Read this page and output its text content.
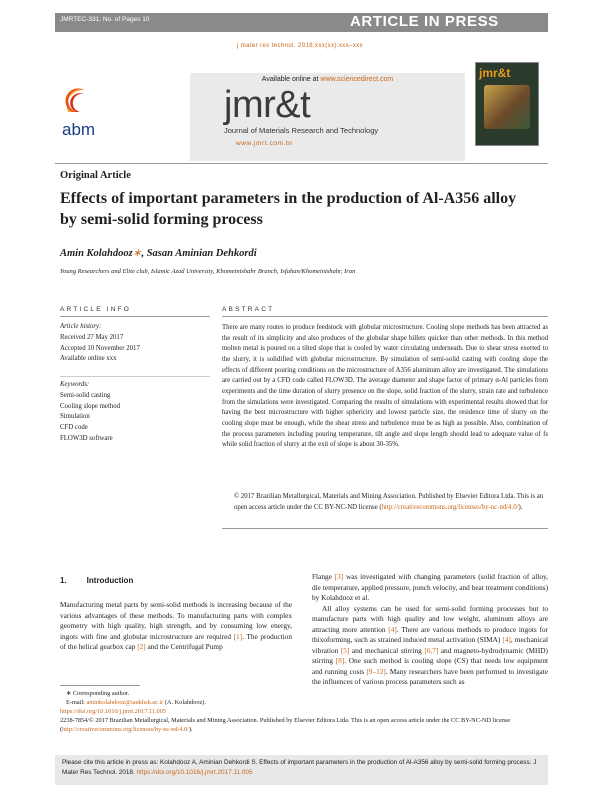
JMRTEC-331; No. of Pages 10	ARTICLE IN PRESS
j mater res technol. 2018;xxx(xx):xxx–xxx
Available online at www.sciencedirect.com
jmr&t
Journal of Materials Research and Technology
www.jmrt.com.br
jmr&t
abm
Original Article
Effects of important parameters in the production of Al-A356 alloy by semi-solid forming process
Amin Kolahdooz∗, Sasan Aminian Dehkordi
Young Researchers and Elite club, Islamic Azad University, Khomeinishahr Branch, Isfahan/Khomeinishahr, Iran
ARTICLE INFO
Article history:
Received 27 May 2017
Accepted 10 November 2017
Available online xxx
Keywords:
Semi-solid casting
Cooling slope method
Simulation
CFD code
FLOW3D software
ABSTRACT
There are many routes to produce feedstock with globular microstructure. Cooling slope methods has been attracted as the result of its simplicity and also produces of the globular shape billets quicker than other methods. In this method molten metal is poured on a tilted slope that is cooled by water circulating underneath. Due to shear stress exerted to the slurry, it is solidified with globular microstructure. By simulation of semi-solid casting with cooling slope the effects of different pouring conditions on the microstructure of A356 aluminum alloy are investigated. The simulations are carried out by a CFD code called FLOW3D. The average diameter and shape factor of primary α-Al particles from experiments and the time duration of slurry presence on the slope, solid fraction of the slurry, strain rate and turbulence from the simulations were investigated. Comparing the results of simulations with experimental results showed that for having the best microstructure with higher sphericity and lowest particle size, the residence time of slurry on the cooling slope must be enough, while the shear stress and turbulence must be as high as possible. Also, combination of the process parameters including pouring temperature, tilt angle and slope length should lead to adequate value of fs while solid fraction of slurry at the exit of slope is about 30-35%.
© 2017 Brazilian Metallurgical, Materials and Mining Association. Published by Elsevier Editora Ltda. This is an open access article under the CC BY-NC-ND license (http://creativecommons.org/licenses/by-nc-nd/4.0/).
1.	Introduction
Manufacturing metal parts by semi-solid methods is increasing because of the various advantages of these methods. To manufacturing parts with complex geometry with high quality, high strength, and by consuming low energy, ingots with fine and globular microstructure are required [1]. The production of the helical gearbox cap [2] and the Centrifugal Pump
Flange [3] was investigated with changing parameters (solid fraction of alloy, die temperature, applied pressure, punch velocity, and heat treatment conditions) by Kolahdooz et al.
All alloy systems can be used for semi-solid forming processes but to manufacture parts with high quality and low weight, aluminum alloys are attracting more attention [4]. There are various methods to produce ingots for thixoforming, such as strained induced metal activation (SIMA) [4], mechanical vibration [5] and mechanical stirring [6,7] and magneto-hydrodynamic (MHD) stirring [8]. One such method is cooling slope (CS) that needs low equipment and running costs [9–12]. Many researchers have been performed to investigate the influences of various process parameters such as
∗ Corresponding author.
E-mail: aminkolahdooz@iaukhsh.ac.ir (A. Kolahdooz).
https://doi.org/10.1016/j.jmrt.2017.11.005
2238-7854/© 2017 Brazilian Metallurgical, Materials and Mining Association. Published by Elsevier Editora Ltda. This is an open access article under the CC BY-NC-ND license (http://creativecommons.org/licenses/by-nc-nd/4.0/).
Please cite this article in press as: Kolahdooz A, Aminian Dehkordi S. Effects of important parameters in the production of Al-A356 alloy by semi-solid forming process. J Mater Res Technol. 2018. https://doi.org/10.1016/j.jmrt.2017.11.005
